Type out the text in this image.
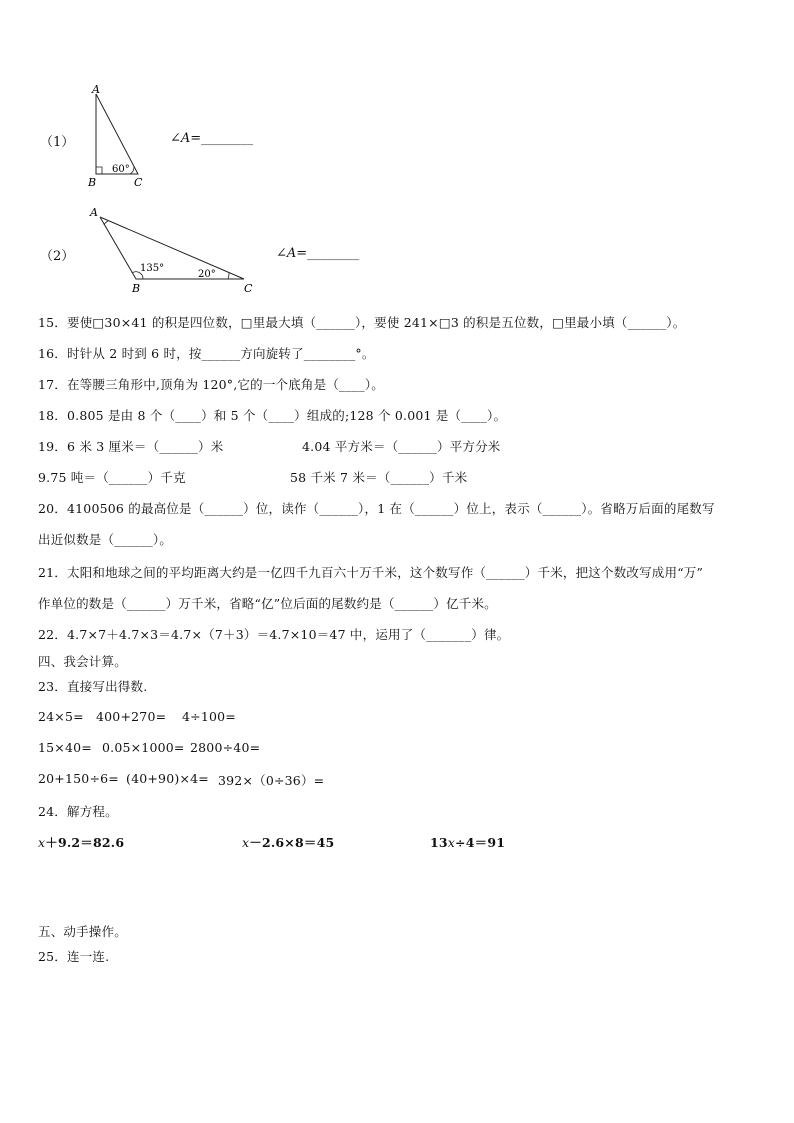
（1）
A
B	C
60°
∠A=________
（2）
A
B	C
135°
20°
∠A=________
15．要使□30×41 的积是四位数，□里最大填（______），要使 241×□3 的积是五位数，□里最小填（______）。
16．时针从 2 时到 6 时，按______方向旋转了________°。
17．在等腰三角形中,顶角为 120°,它的一个底角是（____）。
18．0.805 是由 8 个（____）和 5 个（____）组成的;128 个 0.001 是（____）。
19．6 米 3 厘米＝（______）米	4.04 平方米＝（______）平方分米
9.75 吨＝（______）千克	58 千米 7 米＝（______）千米
20．4100506 的最高位是（______）位，读作（______），1 在（______）位上，表示（______）。省略万后面的尾数写
出近似数是（______）。
21．太阳和地球之间的平均距离大约是一亿四千九百六十万千米，这个数写作（______）千米，把这个数改写成用“万”
作单位的数是（______）万千米，省略“亿”位后面的尾数约是（______）亿千米。
22．4.7×7＋4.7×3＝4.7×（7＋3）＝4.7×10＝47 中，运用了（_______）律。
四、我会计算。
23．直接写出得数.
24×5= 400+270= 4÷100=
15×40= 0.05×1000= 2800÷40=
20+150÷6= (40+90)×4= 392×（0÷36）=
24．解方程。
x＋9.2＝82.6	x－2.6×8＝45	13x÷4＝91
五、动手操作。
25．连一连.
